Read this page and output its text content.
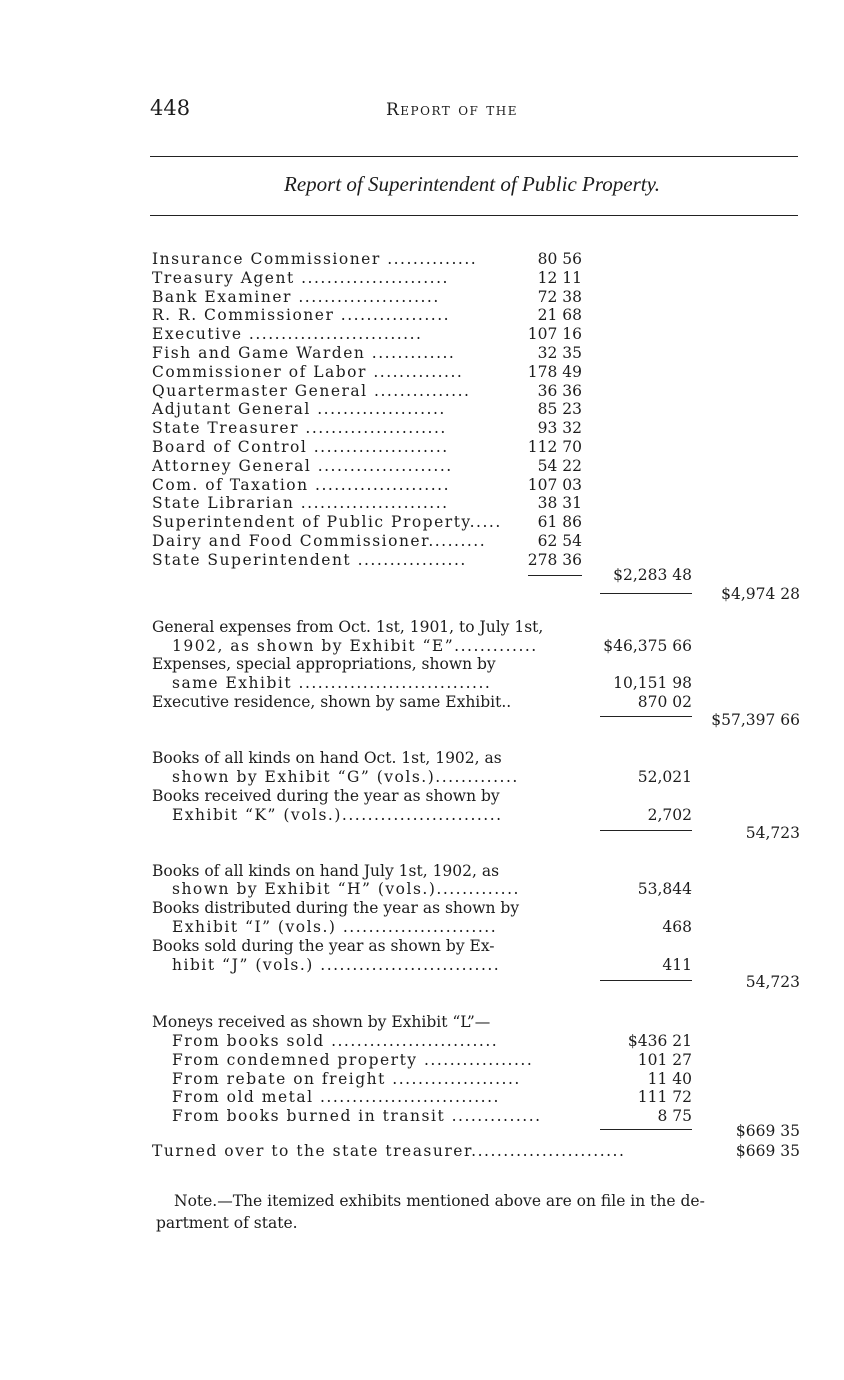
448	Report of the
Report of Superintendent of Public Property.
Insurance Commissioner ..............	80 56
Treasury Agent .......................	12 11
Bank Examiner ......................	72 38
R. R. Commissioner .................	21 68
Executive ...........................	107 16
Fish and Game Warden .............	32 35
Commissioner of Labor ..............	178 49
Quartermaster General ...............	36 36
Adjutant General ....................	85 23
State Treasurer ......................	93 32
Board of Control .....................	112 70
Attorney General .....................	54 22
Com. of Taxation .....................	107 03
State Librarian .......................	38 31
Superintendent of Public Property..... 61 86
Dairy and Food Commissioner.........	62 54
State Superintendent .................	278 36
$2,283 48
$4,974 28
General expenses from Oct. 1st, 1901, to July 1st,
1902, as shown by Exhibit “E”.............	$46,375 66
Expenses, special appropriations, shown by
same Exhibit ..............................	10,151 98
Executive residence, shown by same Exhibit..	870 02
$57,397 66
Books of all kinds on hand Oct. 1st, 1902, as
shown by Exhibit “G” (vols.).............	52,021
Books received during the year as shown by
Exhibit “K” (vols.).........................	2,702
54,723
Books of all kinds on hand July 1st, 1902, as
shown by Exhibit “H” (vols.).............	53,844
Books distributed during the year as shown by
Exhibit “I” (vols.) ........................	468
Books sold during the year as shown by Ex-
hibit “J” (vols.) ............................	411
54,723
Moneys received as shown by Exhibit “L”—
From books sold ..........................	$436 21
From condemned property .................	101 27
From rebate on freight ....................	11 40
From old metal ............................	111 72
From books burned in transit ..............	8 75
$669 35
Turned over to the state treasurer........................	$669 35
Note.—The itemized exhibits mentioned above are on file in the de-
partment of state.
